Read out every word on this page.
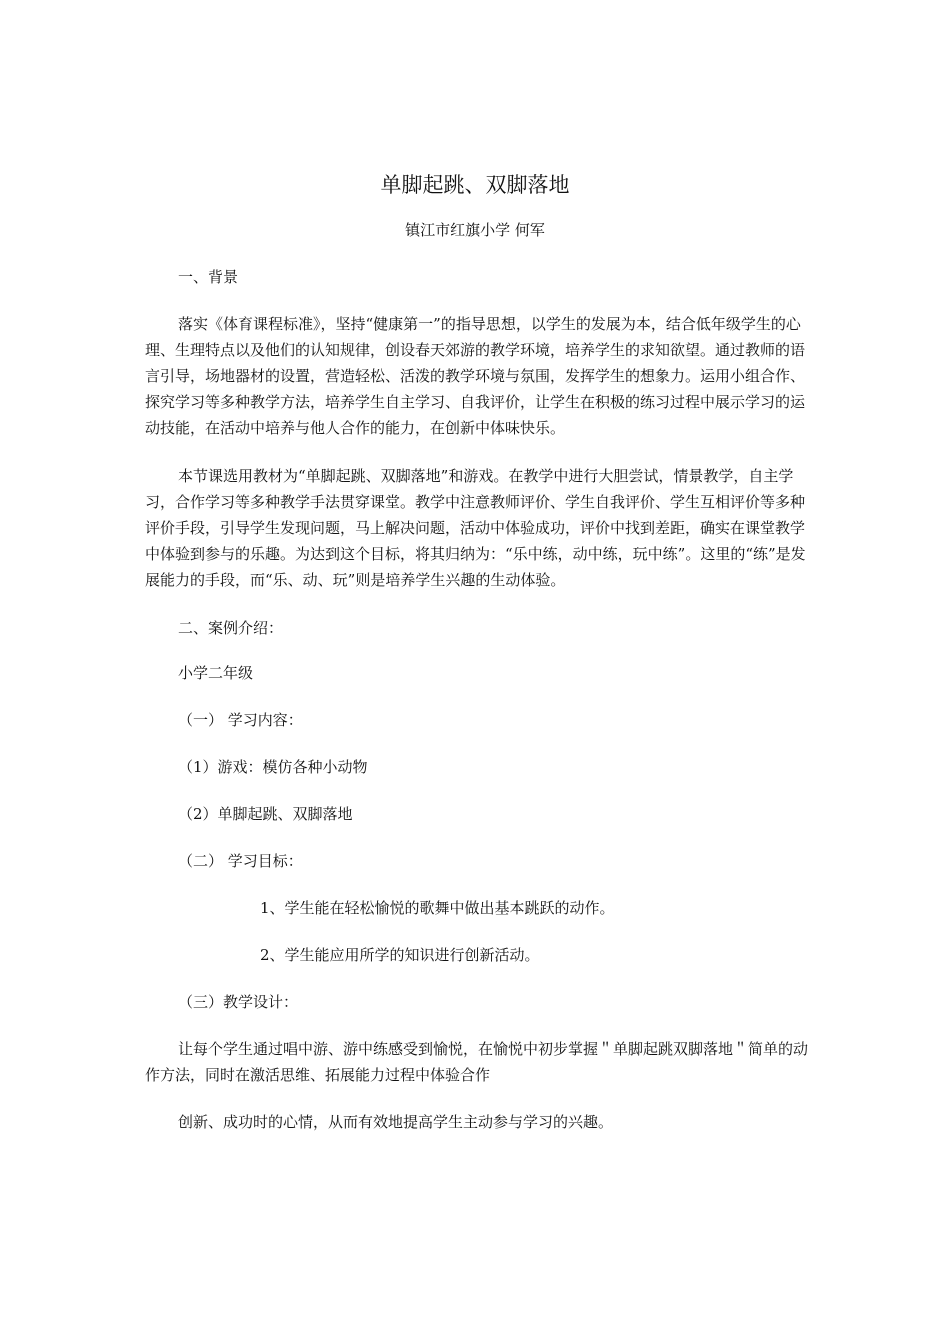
单脚起跳、双脚落地

镇江市红旗小学 何军

一、背景

落实《体育课程标准》，坚持“健康第一”的指导思想，以学生的发展为本，结合低年级学生的心理、生理特点以及他们的认知规律，创设春天郊游的教学环境，培养学生的求知欲望。通过教师的语言引导，场地器材的设置，营造轻松、活泼的教学环境与氛围，发挥学生的想象力。运用小组合作、探究学习等多种教学方法，培养学生自主学习、自我评价，让学生在积极的练习过程中展示学习的运动技能，在活动中培养与他人合作的能力，在创新中体味快乐。

本节课选用教材为“单脚起跳、双脚落地”和游戏。在教学中进行大胆尝试，情景教学，自主学习，合作学习等多种教学手法贯穿课堂。教学中注意教师评价、学生自我评价、学生互相评价等多种评价手段，引导学生发现问题，马上解决问题，活动中体验成功，评价中找到差距，确实在课堂教学中体验到参与的乐趣。为达到这个目标，将其归纳为：“乐中练，动中练，玩中练”。这里的“练”是发展能力的手段，而“乐、动、玩”则是培养学生兴趣的生动体验。

二、案例介绍：

小学二年级

（一） 学习内容：

（1）游戏：模仿各种小动物

（2）单脚起跳、双脚落地

（二） 学习目标：

1、学生能在轻松愉悦的歌舞中做出基本跳跃的动作。

2、学生能应用所学的知识进行创新活动。

（三）教学设计：

让每个学生通过唱中游、游中练感受到愉悦，在愉悦中初步掌握＂单脚起跳双脚落地＂简单的动作方法，同时在激活思维、拓展能力过程中体验合作

创新、成功时的心情，从而有效地提高学生主动参与学习的兴趣。
